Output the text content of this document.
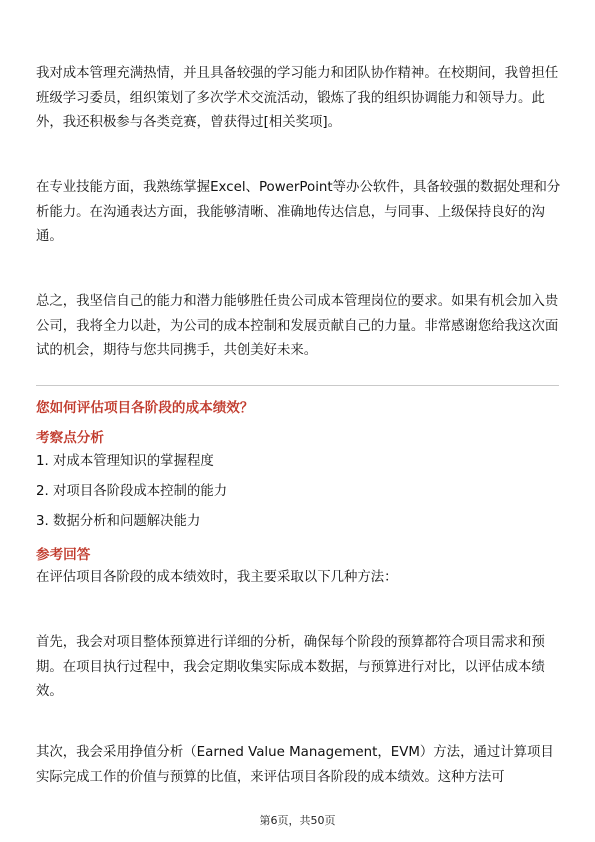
我对成本管理充满热情，并且具备较强的学习能力和团队协作精神。在校期间，我曾担任班级学习委员，组织策划了多次学术交流活动，锻炼了我的组织协调能力和领导力。此外，我还积极参与各类竞赛，曾获得过[相关奖项]。

在专业技能方面，我熟练掌握Excel、PowerPoint等办公软件，具备较强的数据处理和分析能力。在沟通表达方面，我能够清晰、准确地传达信息，与同事、上级保持良好的沟通。

总之，我坚信自己的能力和潜力能够胜任贵公司成本管理岗位的要求。如果有机会加入贵公司，我将全力以赴，为公司的成本控制和发展贡献自己的力量。非常感谢您给我这次面试的机会，期待与您共同携手，共创美好未来。

您如何评估项目各阶段的成本绩效？

考察点分析

1. 对成本管理知识的掌握程度
2. 对项目各阶段成本控制的能力
3. 数据分析和问题解决能力

参考回答

在评估项目各阶段的成本绩效时，我主要采取以下几种方法：

首先，我会对项目整体预算进行详细的分析，确保每个阶段的预算都符合项目需求和预期。在项目执行过程中，我会定期收集实际成本数据，与预算进行对比，以评估成本绩效。

其次，我会采用挣值分析（Earned Value Management，EVM）方法，通过计算项目实际完成工作的价值与预算的比值，来评估项目各阶段的成本绩效。这种方法可

第6页，共50页
